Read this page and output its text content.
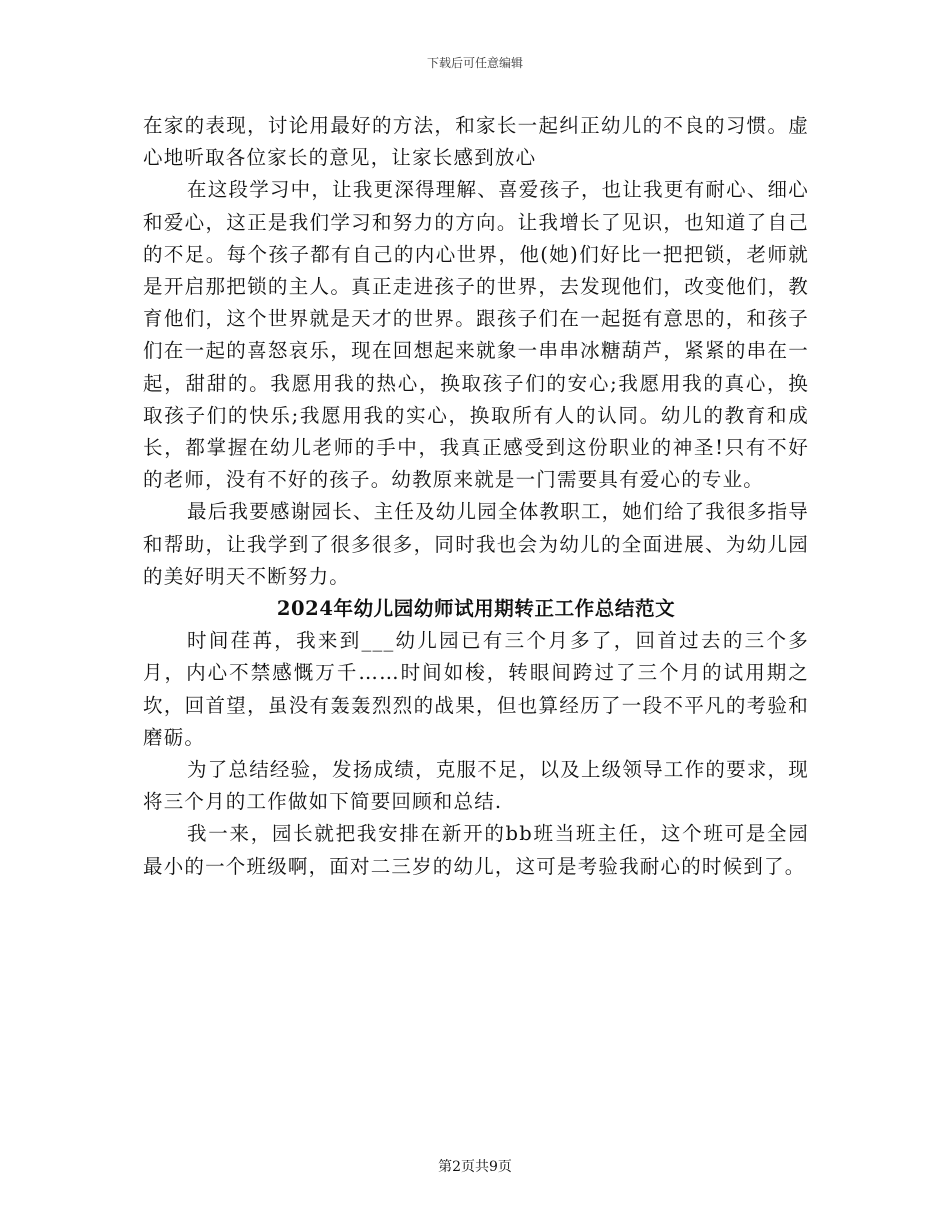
下载后可任意编辑

在家的表现，讨论用最好的方法，和家长一起纠正幼儿的不良的习惯。虚心地听取各位家长的意见，让家长感到放心

在这段学习中，让我更深得理解、喜爱孩子，也让我更有耐心、细心和爱心，这正是我们学习和努力的方向。让我增长了见识，也知道了自己的不足。每个孩子都有自己的内心世界，他(她)们好比一把把锁，老师就是开启那把锁的主人。真正走进孩子的世界，去发现他们，改变他们，教育他们，这个世界就是天才的世界。跟孩子们在一起挺有意思的，和孩子们在一起的喜怒哀乐，现在回想起来就象一串串冰糖葫芦，紧紧的串在一起，甜甜的。我愿用我的热心，换取孩子们的安心;我愿用我的真心，换取孩子们的快乐;我愿用我的实心，换取所有人的认同。幼儿的教育和成长，都掌握在幼儿老师的手中，我真正感受到这份职业的神圣!只有不好的老师，没有不好的孩子。幼教原来就是一门需要具有爱心的专业。

最后我要感谢园长、主任及幼儿园全体教职工，她们给了我很多指导和帮助，让我学到了很多很多，同时我也会为幼儿的全面进展、为幼儿园的美好明天不断努力。

2024年幼儿园幼师试用期转正工作总结范文

时间荏苒，我来到___幼儿园已有三个月多了，回首过去的三个多月，内心不禁感慨万千……时间如梭，转眼间跨过了三个月的试用期之坎，回首望，虽没有轰轰烈烈的战果，但也算经历了一段不平凡的考验和磨砺。

为了总结经验，发扬成绩，克服不足，以及上级领导工作的要求，现将三个月的工作做如下简要回顾和总结.

我一来，园长就把我安排在新开的bb班当班主任，这个班可是全园最小的一个班级啊，面对二三岁的幼儿，这可是考验我耐心的时候到了。

第2页共9页
